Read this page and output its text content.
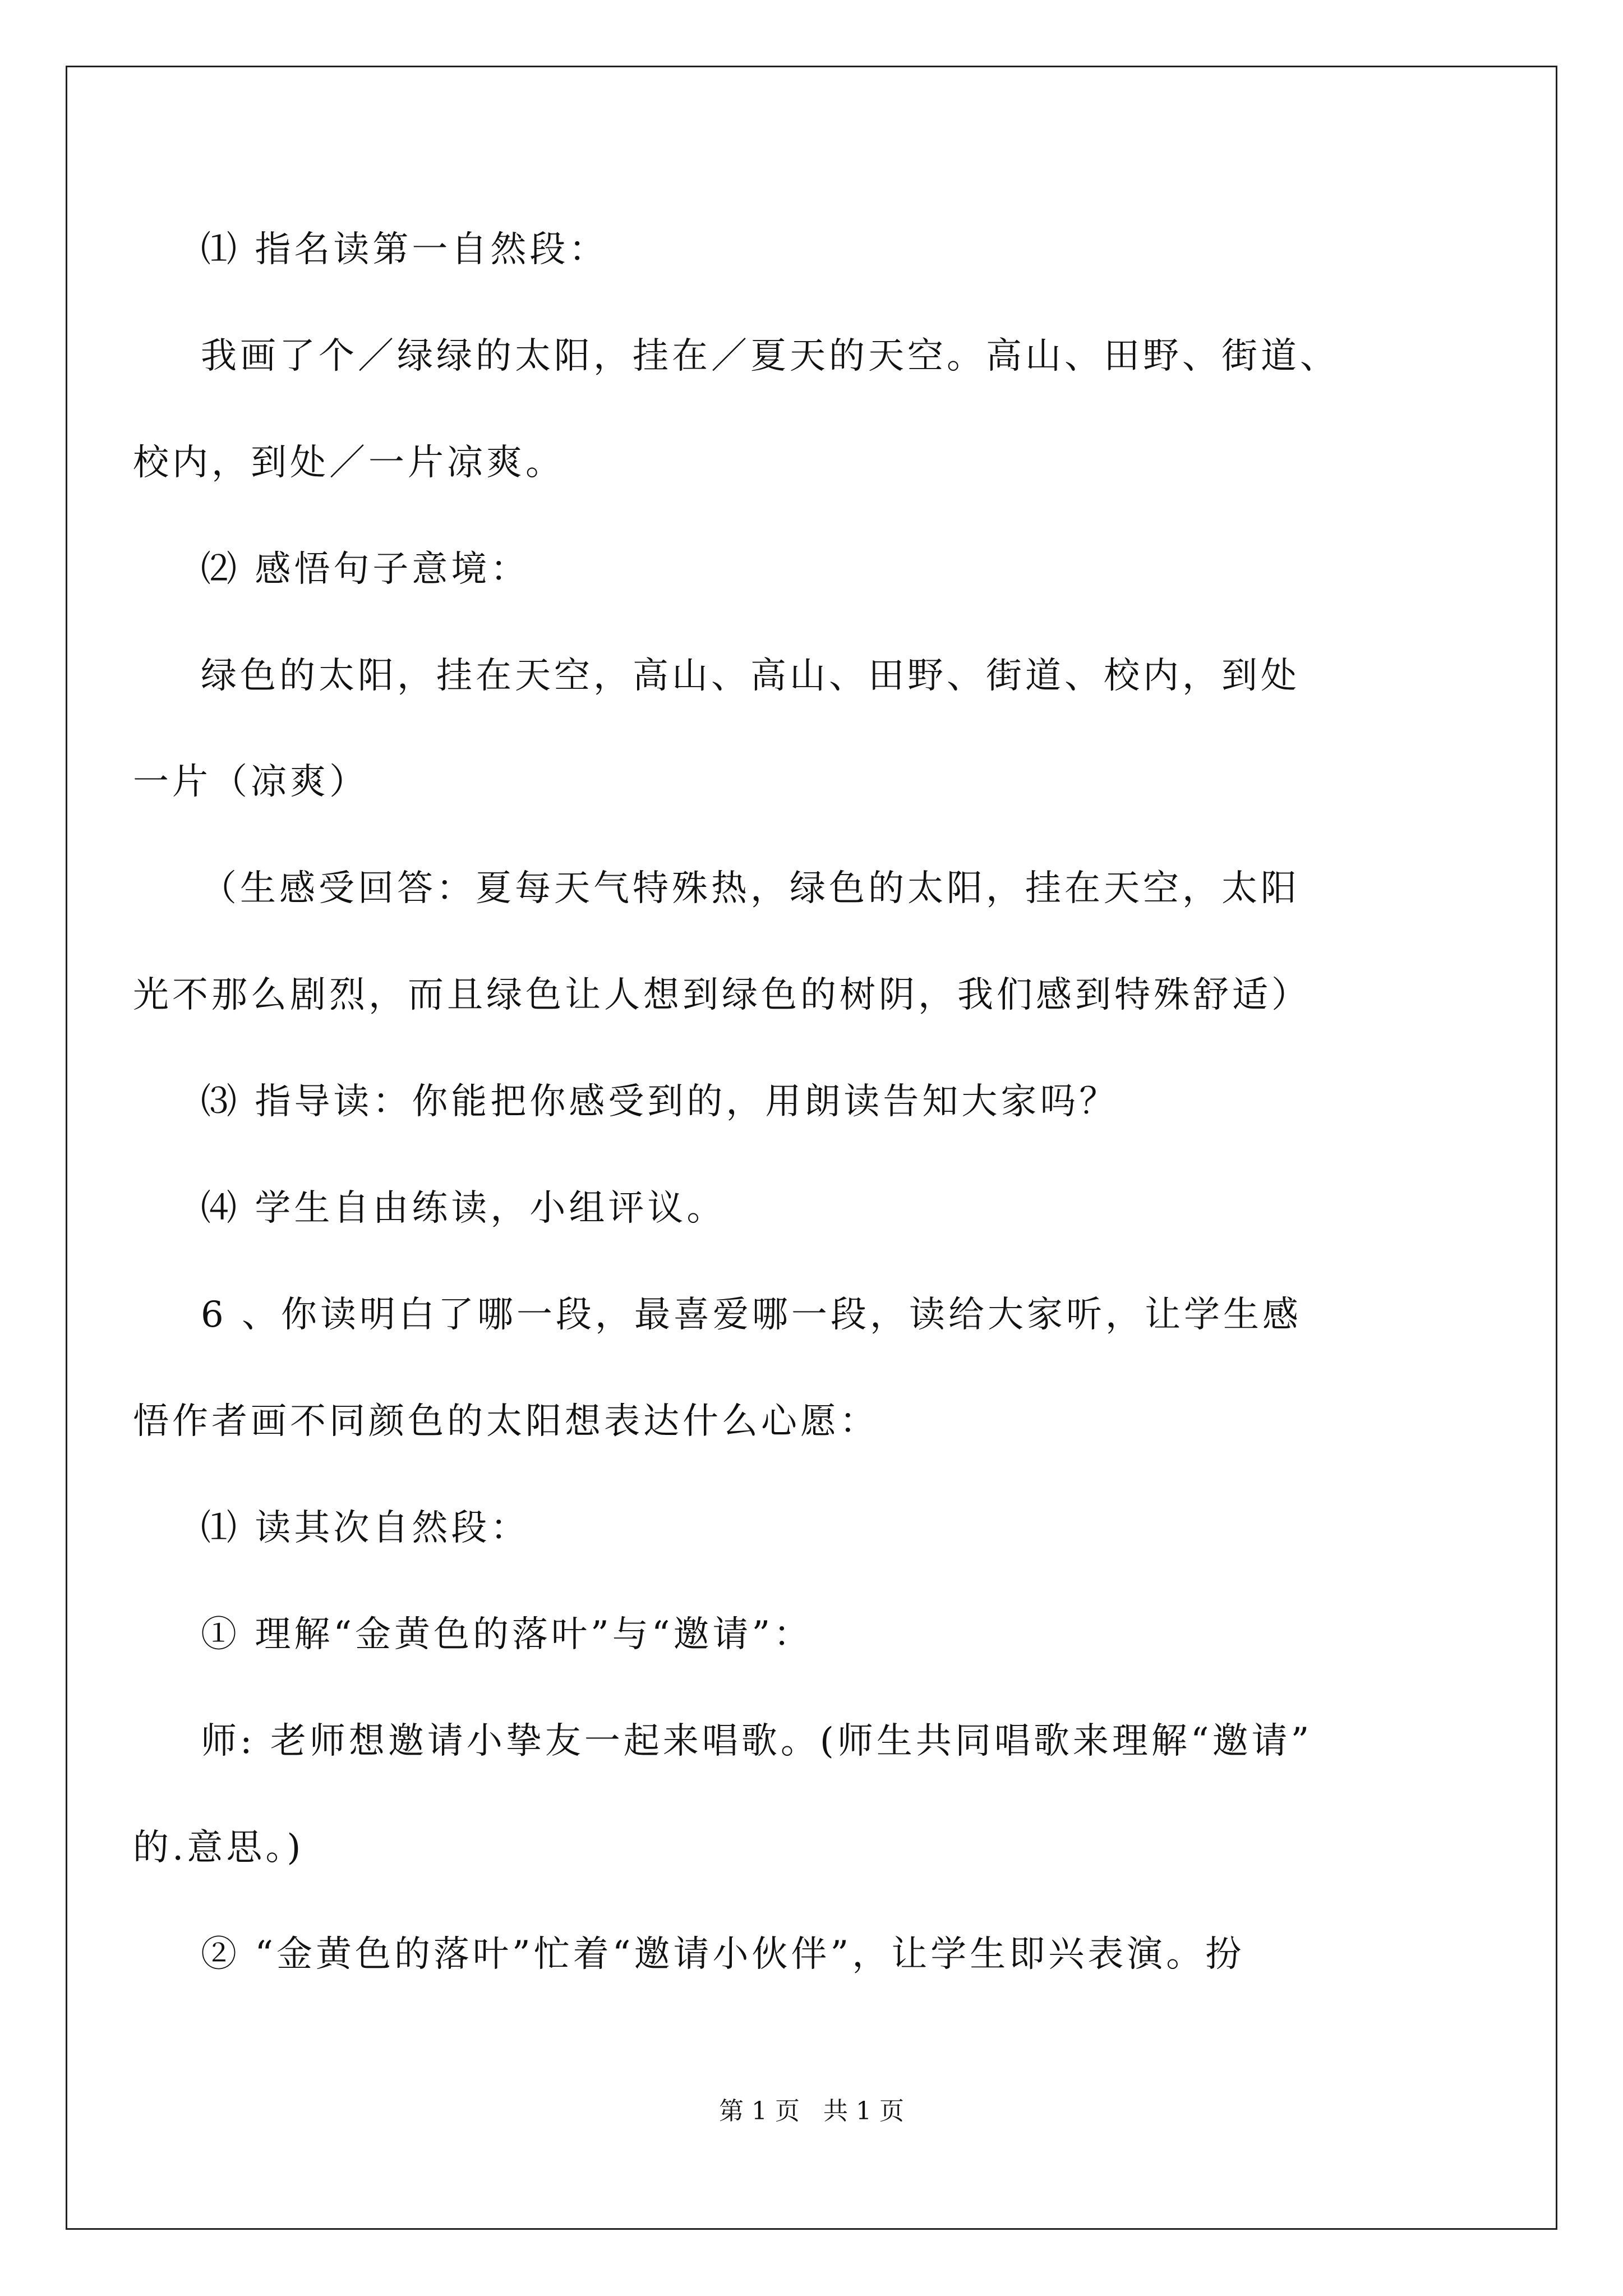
⑴ 指名读第一自然段：
我画了个／绿绿的太阳，挂在／夏天的天空。高山、田野、街道、
校内，到处／一片凉爽。
⑵ 感悟句子意境：
绿色的太阳，挂在天空，高山、高山、田野、街道、校内，到处
一片（凉爽）
（生感受回答：夏每天气特殊热，绿色的太阳，挂在天空，太阳
光不那么剧烈，而且绿色让人想到绿色的树阴，我们感到特殊舒适）
⑶ 指导读：你能把你感受到的，用朗读告知大家吗？
⑷ 学生自由练读，小组评议。
6 、你读明白了哪一段，最喜爱哪一段，读给大家听，让学生感
悟作者画不同颜色的太阳想表达什么心愿：
⑴ 读其次自然段：
① 理解“金黄色的落叶”与“邀请”：
师: 老师想邀请小挚友一起来唱歌。(师生共同唱歌来理解“邀请”
的.意思。)
② “金黄色的落叶”忙着“邀请小伙伴”，让学生即兴表演。扮
第 1 页 共 1 页
